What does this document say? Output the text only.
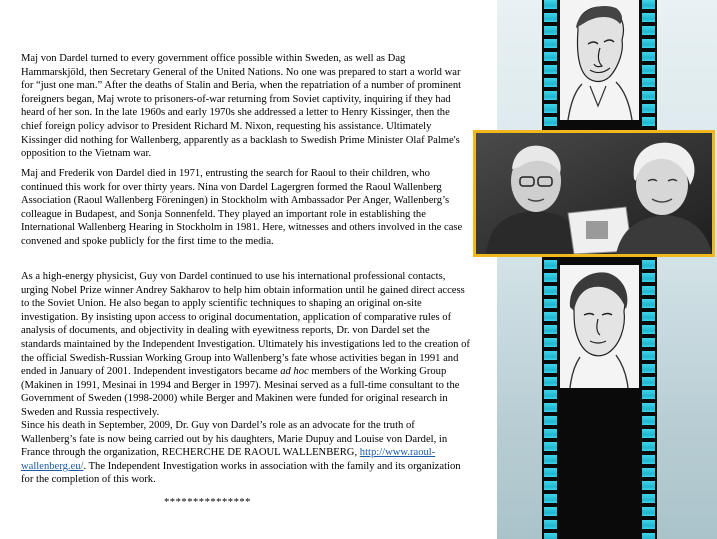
Maj von Dardel turned to every government office possible within Sweden, as well as Dag Hammarskjöld, then Secretary General of the United Nations. No one was prepared to start a world war for “just one man.” After the deaths of Stalin and Beria, when the repatriation of a number of prominent foreigners began, Maj wrote to prisoners-of-war returning from Soviet captivity, inquiring if they had heard of her son. In the late 1960s and early 1970s she addressed a letter to Henry Kissinger, then the chief foreign policy advisor to President Richard M. Nixon, requesting his assistance. Ultimately Kissinger did nothing for Wallenberg, apparently as a backlash to Swedish Prime Minister Olaf Palme's opposition to the Vietnam war.
Maj and Frederik von Dardel died in 1971, entrusting the search for Raoul to their children, who continued this work for over thirty years. Nina von Dardel Lagergren formed the Raoul Wallenberg Association (Raoul Wallenberg Föreningen) in Stockholm with Ambassador Per Anger, Wallenberg’s colleague in Budapest, and Sonja Sonnenfeld. They played an important role in establishing the International Wallenberg Hearing in Stockholm in 1981. Here, witnesses and others involved in the case convened and spoke publicly for the first time to the media.
As a high-energy physicist, Guy von Dardel continued to use his international professional contacts, urging Nobel Prize winner Andrey Sakharov to help him obtain information until he gained direct access to the Soviet Union. He also began to apply scientific techniques to shaping an original on-site investigation. By insisting upon access to original documentation, application of comparative rules of analysis of documents, and objectivity in dealing with eyewitness reports, Dr. von Dardel set the standards maintained by the Independent Investigation. Ultimately his investigations led to the creation of the official Swedish-Russian Working Group into Wallenberg’s fate whose activities began in 1991 and ended in January of 2001. Independent investigators became ad hoc members of the Working Group (Makinen in 1991, Mesinai in 1994 and Berger in 1997). Mesinai served as a full-time consultant to the Government of Sweden (1998-2000) while Berger and Makinen were funded for original research in Sweden and Russia respectively.
Since his death in September, 2009, Dr. Guy von Dardel’s role as an advocate for the truth of Wallenberg’s fate is now being carried out by his daughters, Marie Dupuy and Louise von Dardel, in France through the organization, RECHERCHE DE RAOUL WALLENBERG, http://www.raoul-wallenberg.eu/. The Independent Investigation works in association with the family and its organization for the completion of this work.
***************
